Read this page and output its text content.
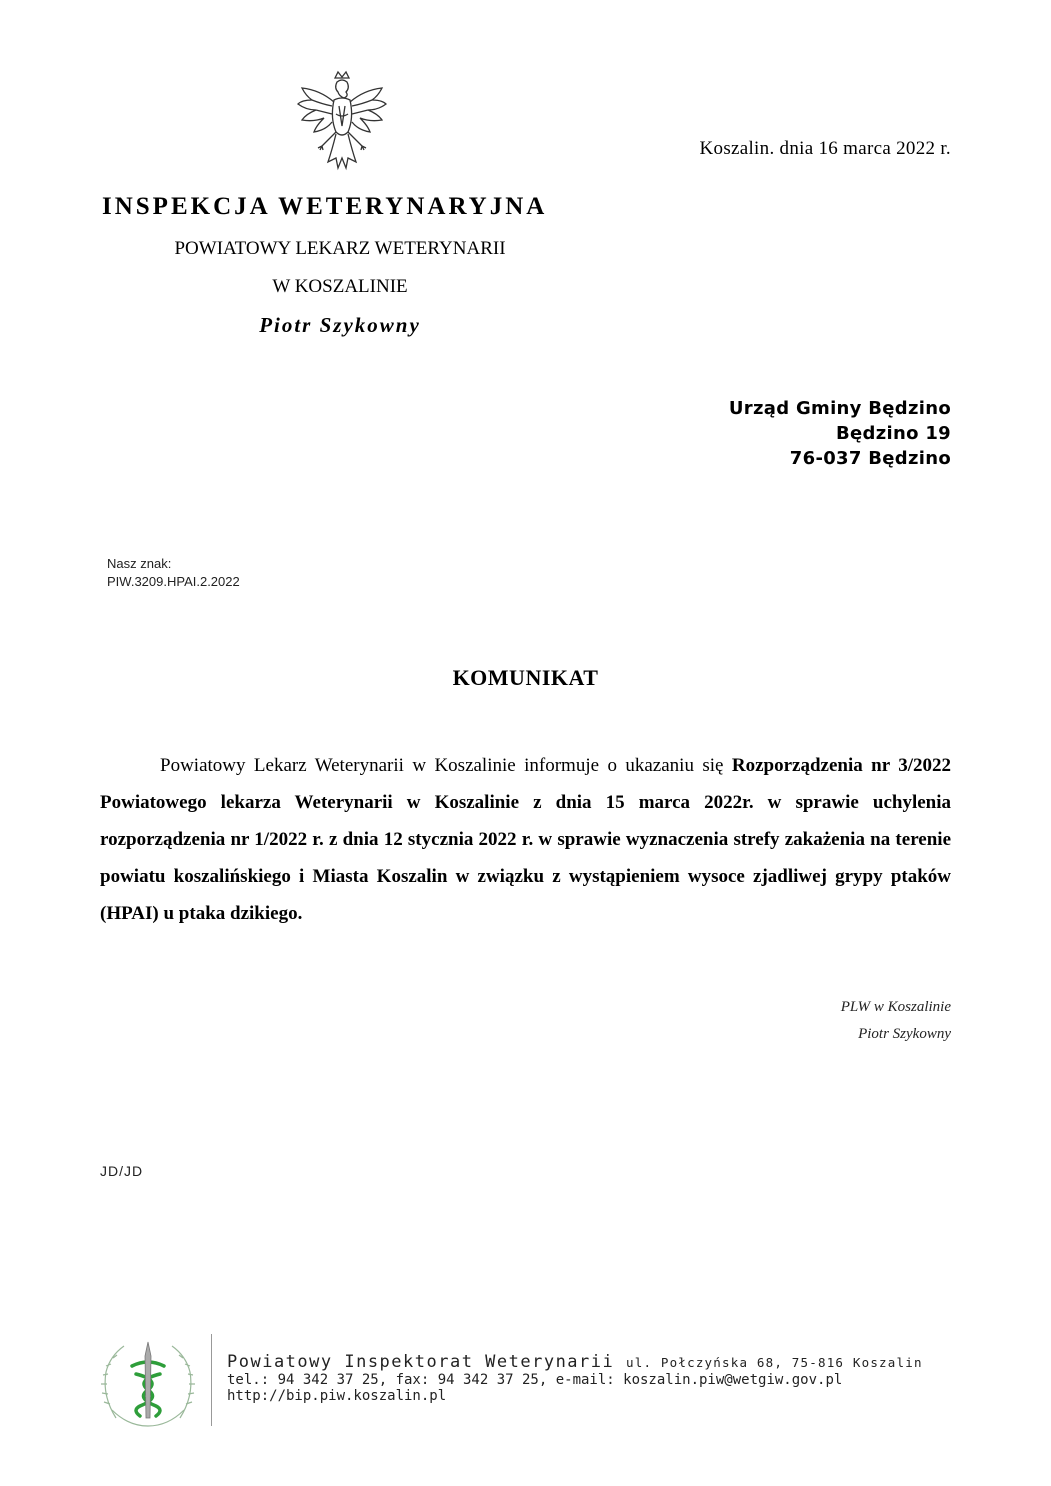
Koszalin. dnia 16 marca 2022 r.
INSPEKCJA WETERYNARYJNA
POWIATOWY LEKARZ WETERYNARII
W KOSZALINIE
Piotr Szykowny
Urząd Gminy Będzino
Będzino 19
76-037 Będzino
Nasz znak:
PIW.3209.HPAI.2.2022
KOMUNIKAT

Powiatowy Lekarz Weterynarii w Koszalinie informuje o ukazaniu się Rozporządzenia nr 3/2022 Powiatowego lekarza Weterynarii w Koszalinie z dnia 15 marca 2022r. w sprawie uchylenia rozporządzenia nr 1/2022 r. z dnia 12 stycznia 2022 r. w sprawie wyznaczenia strefy zakażenia na terenie powiatu koszalińskiego i Miasta Koszalin w związku z wystąpieniem wysoce zjadliwej grypy ptaków (HPAI) u ptaka dzikiego.

PLW w Koszalinie
Piotr Szykowny
JD/JD
Powiatowy Inspektorat Weterynarii ul. Połczyńska 68, 75-816 Koszalin
tel.: 94 342 37 25, fax: 94 342 37 25, e-mail: koszalin.piw@wetgiw.gov.pl
http://bip.piw.koszalin.pl
